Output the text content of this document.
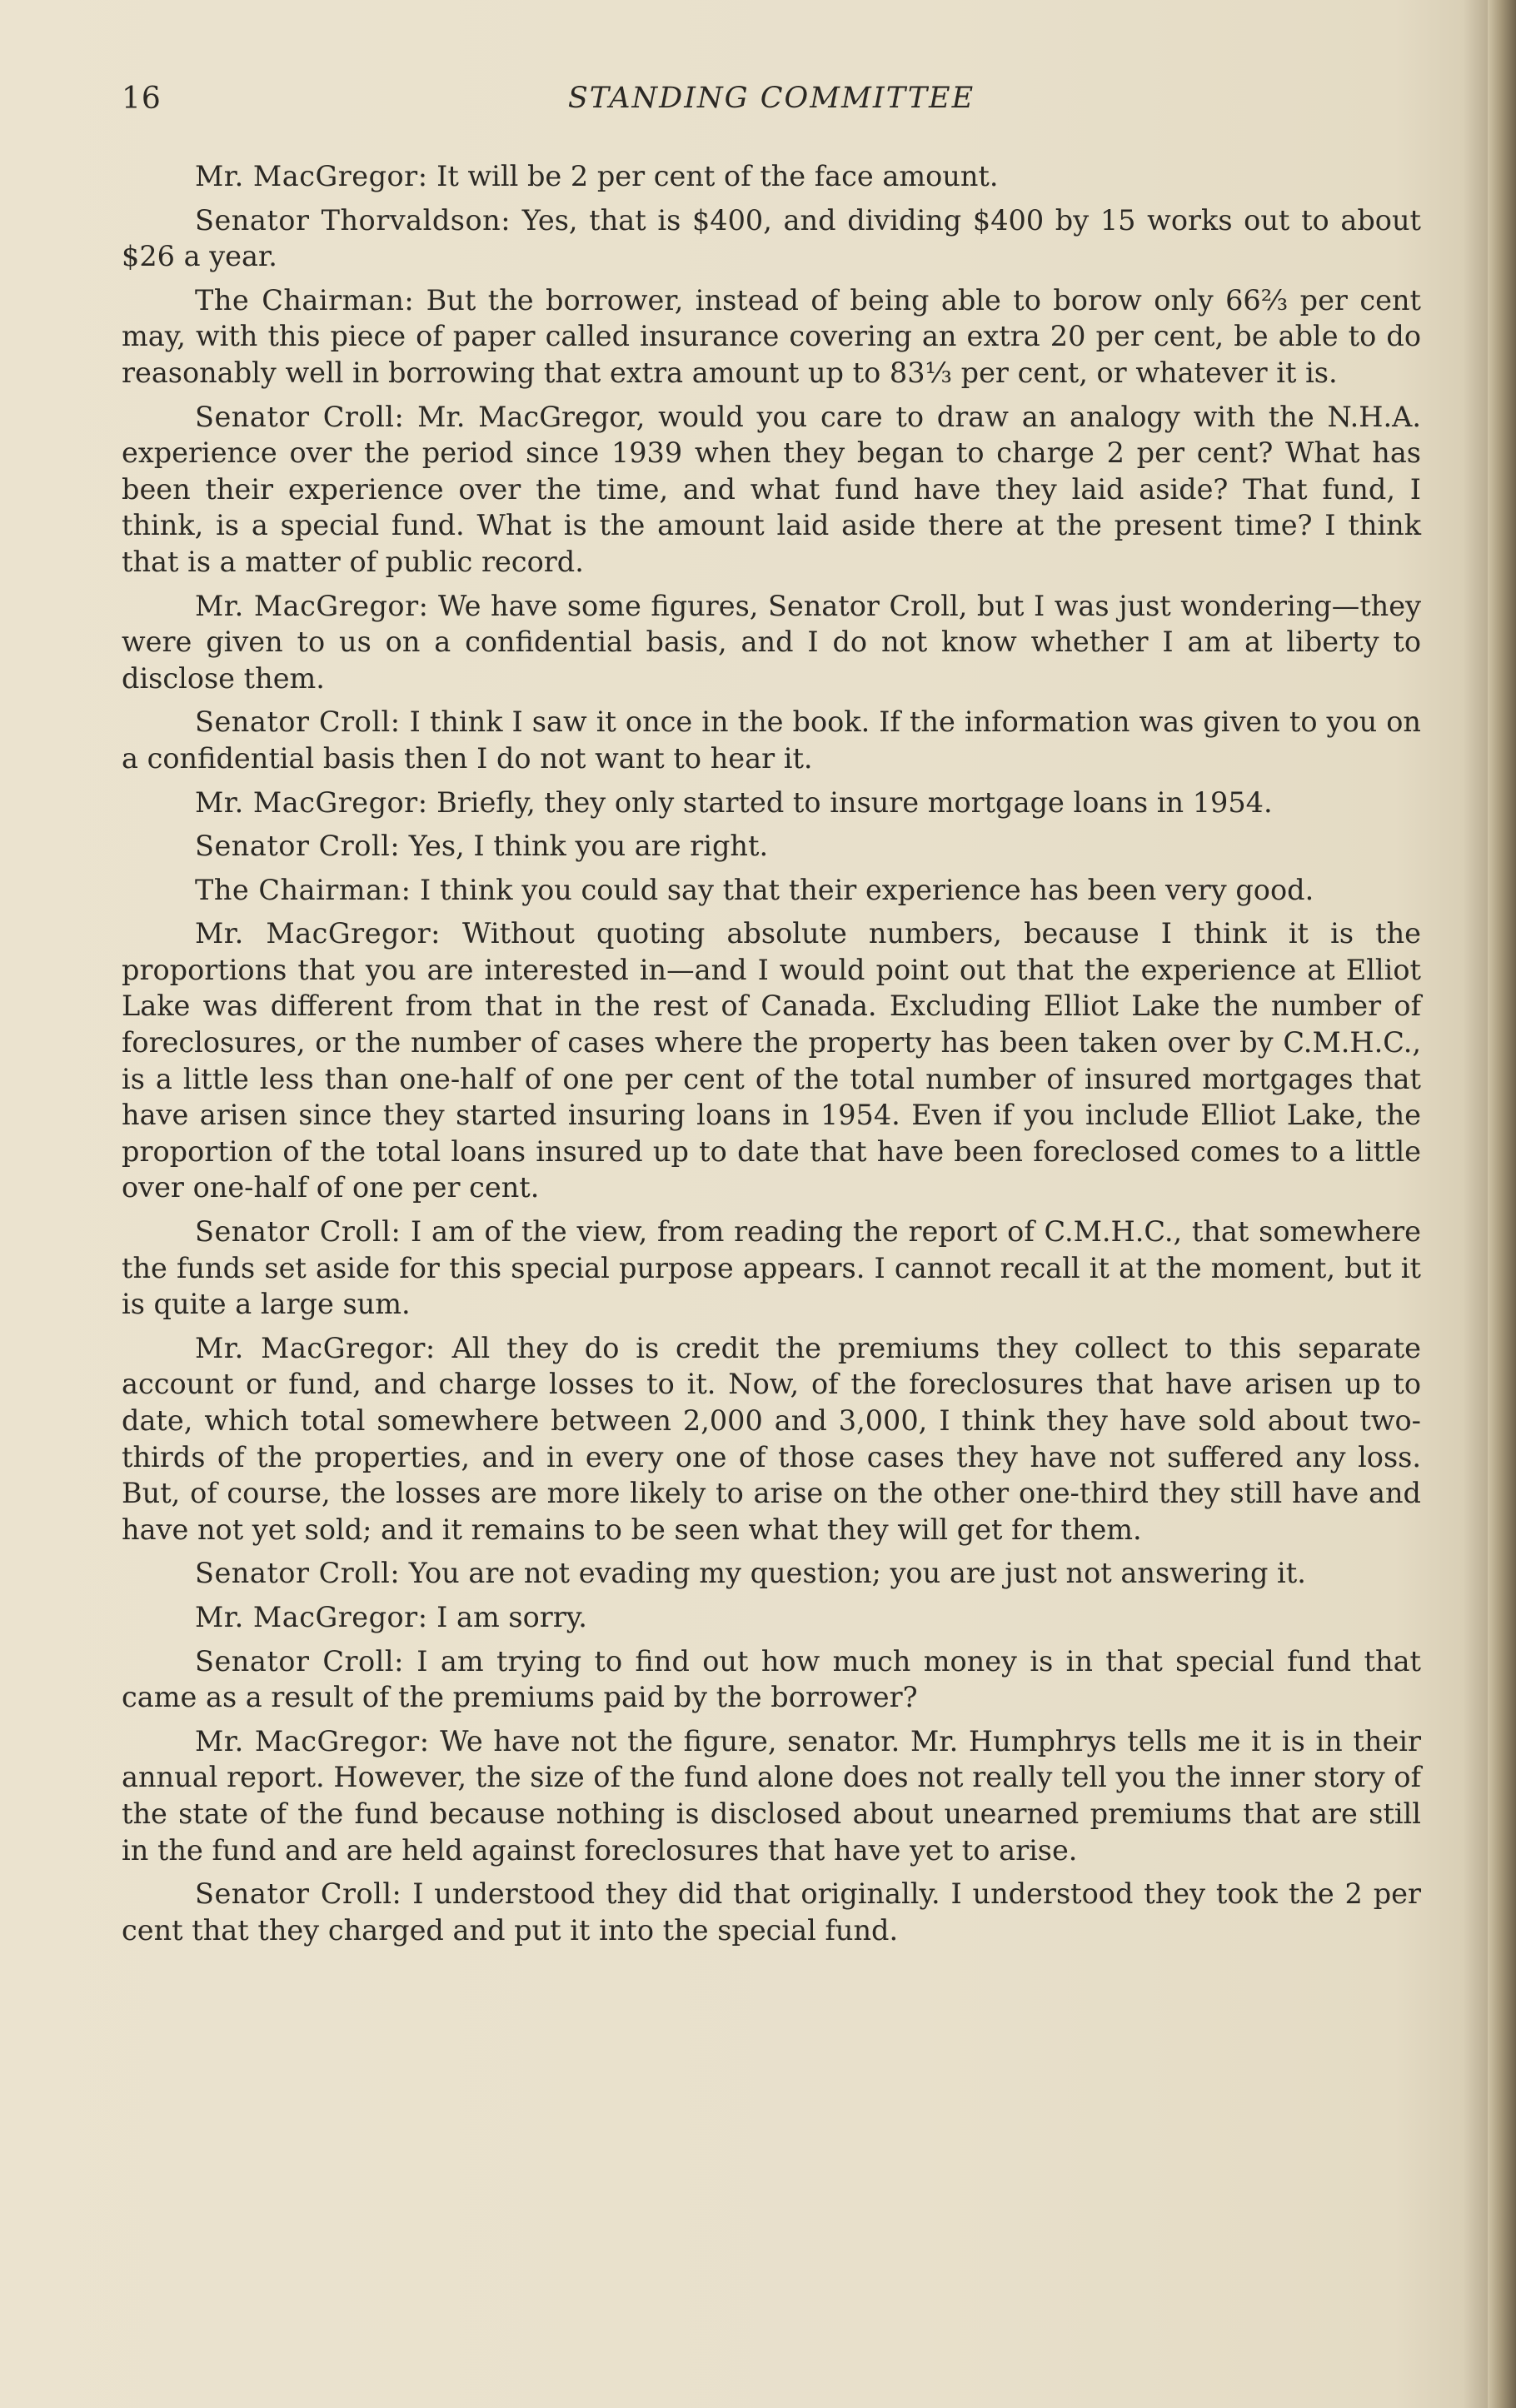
16	STANDING COMMITTEE

Mr. MacGregor: It will be 2 per cent of the face amount.

Senator Thorvaldson: Yes, that is $400, and dividing $400 by 15 works out to about $26 a year.

The Chairman: But the borrower, instead of being able to borow only 66⅔ per cent may, with this piece of paper called insurance covering an extra 20 per cent, be able to do reasonably well in borrowing that extra amount up to 83⅓ per cent, or whatever it is.

Senator Croll: Mr. MacGregor, would you care to draw an analogy with the N.H.A. experience over the period since 1939 when they began to charge 2 per cent? What has been their experience over the time, and what fund have they laid aside? That fund, I think, is a special fund. What is the amount laid aside there at the present time? I think that is a matter of public record.

Mr. MacGregor: We have some figures, Senator Croll, but I was just wondering—they were given to us on a confidential basis, and I do not know whether I am at liberty to disclose them.

Senator Croll: I think I saw it once in the book. If the information was given to you on a confidential basis then I do not want to hear it.

Mr. MacGregor: Briefly, they only started to insure mortgage loans in 1954.

Senator Croll: Yes, I think you are right.

The Chairman: I think you could say that their experience has been very good.

Mr. MacGregor: Without quoting absolute numbers, because I think it is the proportions that you are interested in—and I would point out that the experience at Elliot Lake was different from that in the rest of Canada. Excluding Elliot Lake the number of foreclosures, or the number of cases where the property has been taken over by C.M.H.C., is a little less than one-half of one per cent of the total number of insured mortgages that have arisen since they started insuring loans in 1954. Even if you include Elliot Lake, the proportion of the total loans insured up to date that have been foreclosed comes to a little over one-half of one per cent.

Senator Croll: I am of the view, from reading the report of C.M.H.C., that somewhere the funds set aside for this special purpose appears. I cannot recall it at the moment, but it is quite a large sum.

Mr. MacGregor: All they do is credit the premiums they collect to this separate account or fund, and charge losses to it. Now, of the foreclosures that have arisen up to date, which total somewhere between 2,000 and 3,000, I think they have sold about two-thirds of the properties, and in every one of those cases they have not suffered any loss. But, of course, the losses are more likely to arise on the other one-third they still have and have not yet sold; and it remains to be seen what they will get for them.

Senator Croll: You are not evading my question; you are just not answering it.

Mr. MacGregor: I am sorry.

Senator Croll: I am trying to find out how much money is in that special fund that came as a result of the premiums paid by the borrower?

Mr. MacGregor: We have not the figure, senator. Mr. Humphrys tells me it is in their annual report. However, the size of the fund alone does not really tell you the inner story of the state of the fund because nothing is disclosed about unearned premiums that are still in the fund and are held against foreclosures that have yet to arise.

Senator Croll: I understood they did that originally. I understood they took the 2 per cent that they charged and put it into the special fund.
